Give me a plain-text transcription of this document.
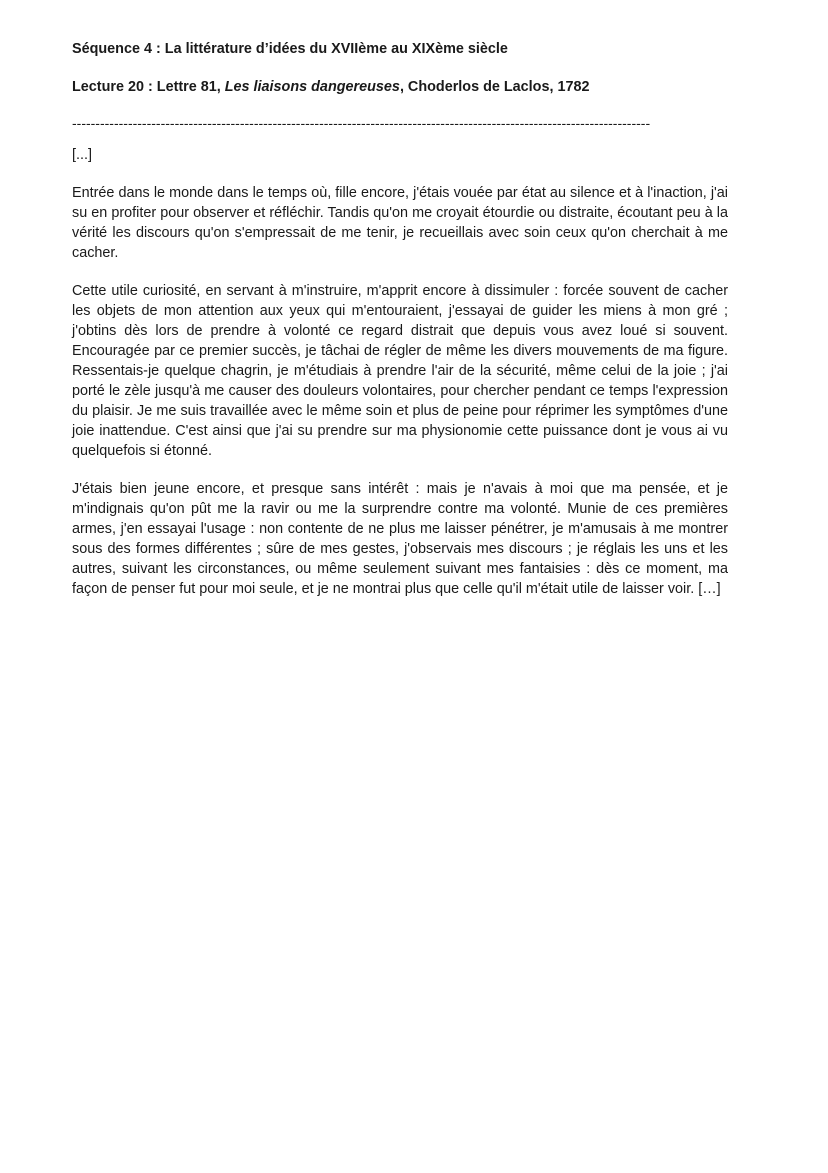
Séquence 4 : La littérature d’idées du XVIIème au XIXème siècle

Lecture 20 : Lettre 81, Les liaisons dangereuses, Choderlos de Laclos, 1782

----------------------------------------------------------------------------------------------------------------------------
[...]

Entrée dans le monde dans le temps où, fille encore, j'étais vouée par état au silence et à l'inaction, j'ai su en profiter pour observer et réfléchir. Tandis qu'on me croyait étourdie ou distraite, écoutant peu à la vérité les discours qu'on s'empressait de me tenir, je recueillais avec soin ceux qu'on cherchait à me cacher.

Cette utile curiosité, en servant à m'instruire, m'apprit encore à dissimuler : forcée souvent de cacher les objets de mon attention aux yeux qui m'entouraient, j'essayai de guider les miens à mon gré ; j'obtins dès lors de prendre à volonté ce regard distrait que depuis vous avez loué si souvent. Encouragée par ce premier succès, je tâchai de régler de même les divers mouvements de ma figure. Ressentais-je quelque chagrin, je m'étudiais à prendre l'air de la sécurité, même celui de la joie ; j'ai porté le zèle jusqu'à me causer des douleurs volontaires, pour chercher pendant ce temps l'expression du plaisir. Je me suis travaillée avec le même soin et plus de peine pour réprimer les symptômes d'une joie inattendue. C'est ainsi que j'ai su prendre sur ma physionomie cette puissance dont je vous ai vu quelquefois si étonné.

J'étais bien jeune encore, et presque sans intérêt : mais je n'avais à moi que ma pensée, et je m'indignais qu'on pût me la ravir ou me la surprendre contre ma volonté. Munie de ces premières armes, j'en essayai l'usage : non contente de ne plus me laisser pénétrer, je m'amusais à me montrer sous des formes différentes ; sûre de mes gestes, j'observais mes discours ; je réglais les uns et les autres, suivant les circonstances, ou même seulement suivant mes fantaisies : dès ce moment, ma façon de penser fut pour moi seule, et je ne montrai plus que celle qu'il m'était utile de laisser voir. […]
